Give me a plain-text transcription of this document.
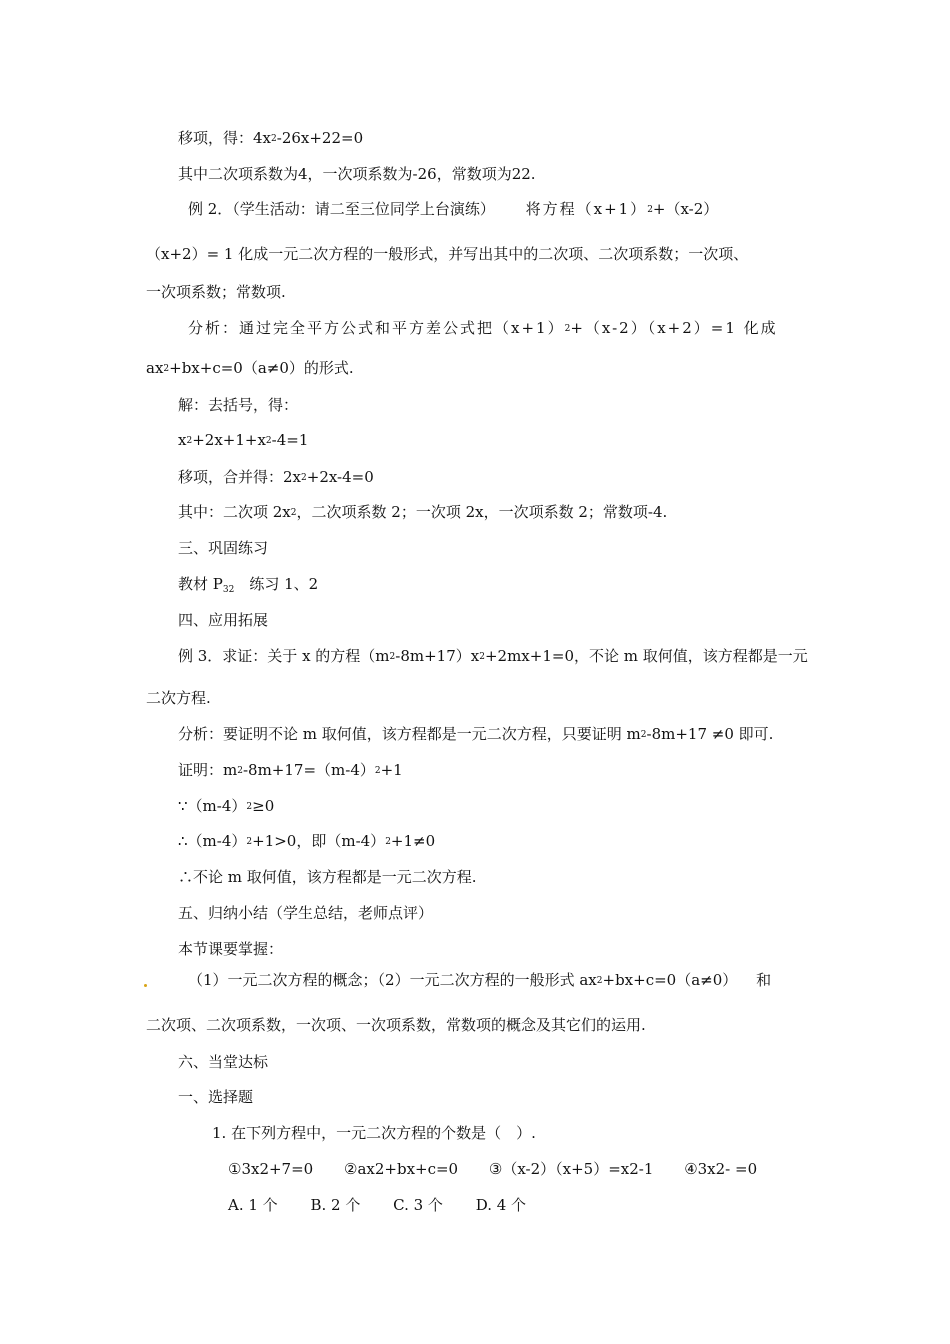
移项，得：$4x^2-26x+22=0$
其中二次项系数为4，一次项系数为-26，常数项为22.
例 2．（学生活动：请二至三位同学上台演练） 将方程$(x+1)^2+(x-2)$
（x+2）= 1 化成一元二次方程的一般形式，并写出其中的二次项、二次项系数；一次项、
一次项系数；常数项.
分析：通过完全平方公式和平方差公式把$(x+1)^2+(x-2)(x+2)=1$ 化成
$ax^2+bx+c=0(a\ne 0)$的形式.
解：去括号，得：
$x^2+2x+1+x^2-4=1$
移项，合并得：$2x^2+2x-4=0$
其中：二次项 $2x^2$，二次项系数 2；一次项 2x，一次项系数 2；常数项-4.
三、巩固练习
教材 $P_{32}$　练习 1、2
四、应用拓展
例 3．求证：关于 x 的方程$(m^2-8m+17)x^2+2mx+1=0$，不论 m 取何值，该方程都是一元
二次方程.
分析：要证明不论 m 取何值，该方程都是一元二次方程，只要证明 $m^2-8m+17 \ne 0$ 即可.
证明：$m^2-8m+17=(m-4)^2+1$
$\because(m-4)^2\ge 0$
$\therefore(m-4)^2+1>0$，即$(m-4)^2+1\ne 0$
∴不论 m 取何值，该方程都是一元二次方程.
五、归纳小结（学生总结，老师点评）
本节课要掌握：
（1）一元二次方程的概念；（2）一元二次方程的一般形式 $ax^2+bx+c=0(a\ne 0)$ 和
二次项、二次项系数，一次项、一次项系数，常数项的概念及其它们的运用.
六、当堂达标
一、选择题
1. 在下列方程中，一元二次方程的个数是（　）.
①3x2+7=0 ②ax2+bx+c=0 ③（x-2）（x+5）=x2-1 ④3x2- =0
A. 1 个 B. 2 个 C. 3 个 D. 4 个
